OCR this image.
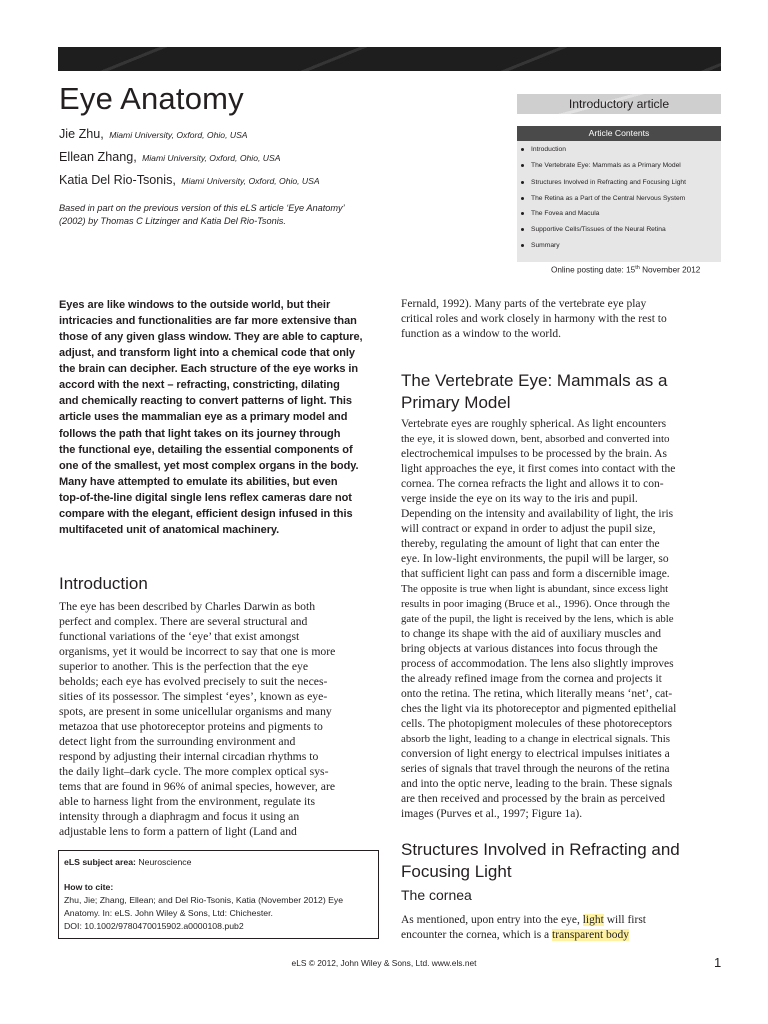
Eye Anatomy
Jie Zhu, Miami University, Oxford, Ohio, USA
Ellean Zhang, Miami University, Oxford, Ohio, USA
Katia Del Rio-Tsonis, Miami University, Oxford, Ohio, USA
Based in part on the previous version of this eLS article ‘Eye Anatomy’
(2002) by Thomas C Litzinger and Katia Del Rio-Tsonis.
Introductory article
Article Contents
Introduction
The Vertebrate Eye: Mammals as a Primary Model
Structures Involved in Refracting and Focusing Light
The Retina as a Part of the Central Nervous System
The Fovea and Macula
Supportive Cells/Tissues of the Neural Retina
Summary
Online posting date: 15th November 2012
Eyes are like windows to the outside world, but their
intricacies and functionalities are far more extensive than
those of any given glass window. They are able to capture,
adjust, and transform light into a chemical code that only
the brain can decipher. Each structure of the eye works in
accord with the next – refracting, constricting, dilating
and chemically reacting to convert patterns of light. This
article uses the mammalian eye as a primary model and
follows the path that light takes on its journey through
the functional eye, detailing the essential components of
one of the smallest, yet most complex organs in the body.
Many have attempted to emulate its abilities, but even
top-of-the-line digital single lens reflex cameras dare not
compare with the elegant, efficient design infused in this
multifaceted unit of anatomical machinery.
Introduction
The eye has been described by Charles Darwin as both
perfect and complex. There are several structural and
functional variations of the ‘eye’ that exist amongst
organisms, yet it would be incorrect to say that one is more
superior to another. This is the perfection that the eye
beholds; each eye has evolved precisely to suit the neces-
sities of its possessor. The simplest ‘eyes’, known as eye-
spots, are present in some unicellular organisms and many
metazoa that use photoreceptor proteins and pigments to
detect light from the surrounding environment and
respond by adjusting their internal circadian rhythms to
the daily light–dark cycle. The more complex optical sys-
tems that are found in 96% of animal species, however, are
able to harness light from the environment, regulate its
intensity through a diaphragm and focus it using an
adjustable lens to form a pattern of light (Land and
eLS subject area: Neuroscience
How to cite:
Zhu, Jie; Zhang, Ellean; and Del Rio-Tsonis, Katia (November 2012) Eye
Anatomy. In: eLS. John Wiley & Sons, Ltd: Chichester.
DOI: 10.1002/9780470015902.a0000108.pub2
Fernald, 1992). Many parts of the vertebrate eye play
critical roles and work closely in harmony with the rest to
function as a window to the world.
The Vertebrate Eye: Mammals as a
Primary Model
Vertebrate eyes are roughly spherical. As light encounters
the eye, it is slowed down, bent, absorbed and converted into
electrochemical impulses to be processed by the brain. As
light approaches the eye, it first comes into contact with the
cornea. The cornea refracts the light and allows it to con-
verge inside the eye on its way to the iris and pupil.
Depending on the intensity and availability of light, the iris
will contract or expand in order to adjust the pupil size,
thereby, regulating the amount of light that can enter the
eye. In low-light environments, the pupil will be larger, so
that sufficient light can pass and form a discernible image.
The opposite is true when light is abundant, since excess light
results in poor imaging (Bruce et al., 1996). Once through the
gate of the pupil, the light is received by the lens, which is able
to change its shape with the aid of auxiliary muscles and
bring objects at various distances into focus through the
process of accommodation. The lens also slightly improves
the already refined image from the cornea and projects it
onto the retina. The retina, which literally means ‘net’, cat-
ches the light via its photoreceptor and pigmented epithelial
cells. The photopigment molecules of these photoreceptors
absorb the light, leading to a change in electrical signals. This
conversion of light energy to electrical impulses initiates a
series of signals that travel through the neurons of the retina
and into the optic nerve, leading to the brain. These signals
are then received and processed by the brain as perceived
images (Purves et al., 1997; Figure 1a).
Structures Involved in Refracting and
Focusing Light
The cornea
As mentioned, upon entry into the eye, light will first
encounter the cornea, which is a transparent body
eLS © 2012, John Wiley & Sons, Ltd. www.els.net	1
